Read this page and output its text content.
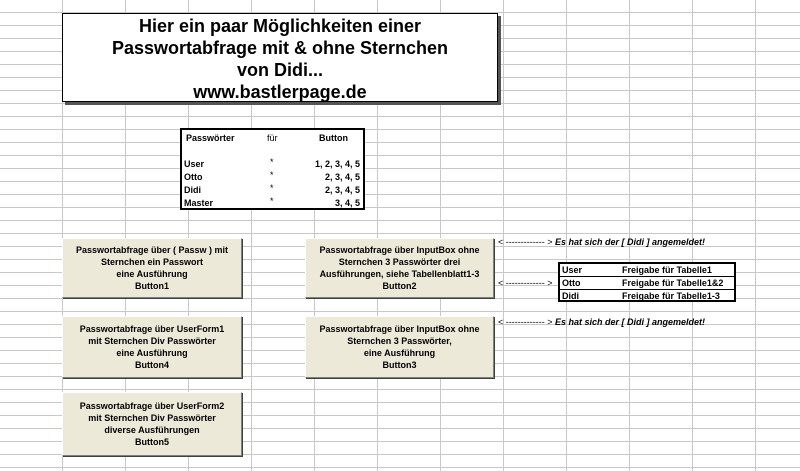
Hier ein paar Möglichkeiten einer
Passwortabfrage mit & ohne Sternchen
von Didi...
www.bastlerpage.de
Passwörter	für	Button
User	*	1, 2, 3, 4, 5
Otto	*	2, 3, 4, 5
Didi	*	2, 3, 4, 5
Master	*	3, 4, 5
Passwortabfrage über ( Passw ) mit
Sternchen ein Passwort
eine Ausführung
Button1
Passwortabfrage über InputBox ohne
Sternchen 3 Passwörter drei
Ausführungen, siehe Tabellenblatt1-3
Button2
Passwortabfrage über UserForm1
mit Sternchen Div Passwörter
eine Ausführung
Button4
Passwortabfrage über InputBox ohne
Sternchen 3 Passwörter,
eine Ausführung
Button3
Passwortabfrage über UserForm2
mit Sternchen Div Passwörter
diverse Ausführungen
Button5
< ------------- > Es hat sich der [ Didi ] angemeldet!
< ------------- >
< ------------- > Es hat sich der [ Didi ] angemeldet!
User	Freigabe für Tabelle1
Otto	Freigabe für Tabelle1&2
Didi	Freigabe für Tabelle1-3
